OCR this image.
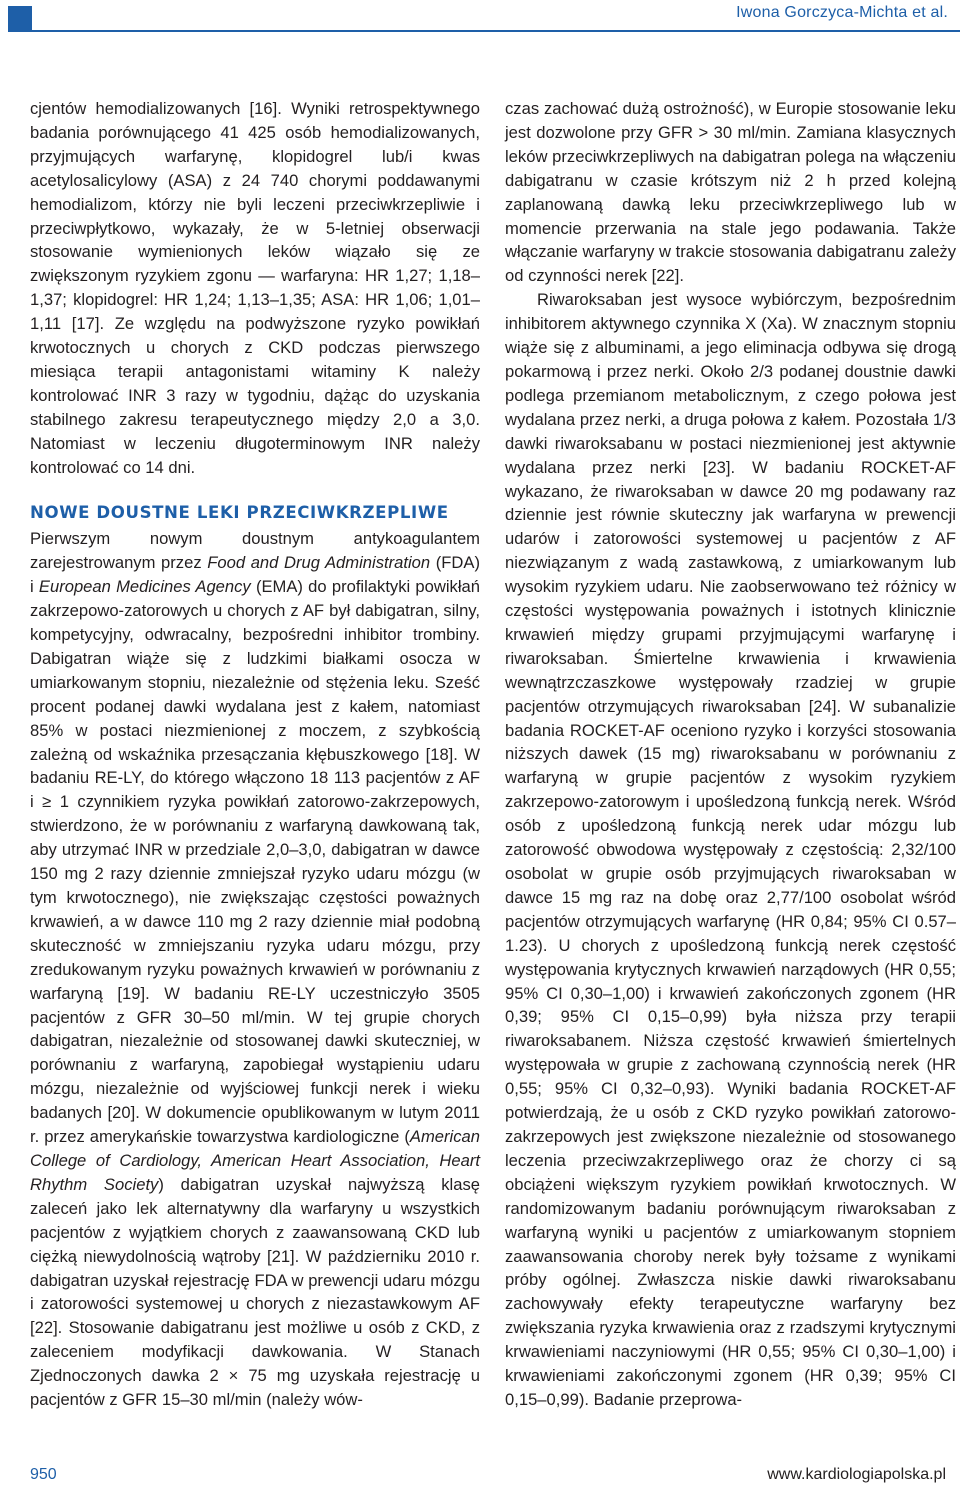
Iwona Gorczyca-Michta et al.

cjentów hemodializowanych [16]. Wyniki retrospektywnego badania porównującego 41 425 osób hemodializowanych, przyjmujących warfarynę, klopidogrel lub/i kwas acetylosalicylowy (ASA) z 24 740 chorymi poddawanymi hemodializom, którzy nie byli leczeni przeciwkrzepliwie i przeciwpłytkowo, wykazały, że w 5-letniej obserwacji stosowanie wymienionych leków wiązało się ze zwiększonym ryzykiem zgonu — warfaryna: HR 1,27; 1,18–1,37; klopidogrel: HR 1,24; 1,13–1,35; ASA: HR 1,06; 1,01–1,11 [17]. Ze względu na podwyższone ryzyko powikłań krwotocznych u chorych z CKD podczas pierwszego miesiąca terapii antagonistami witaminy K należy kontrolować INR 3 razy w tygodniu, dążąc do uzyskania stabilnego zakresu terapeutycznego między 2,0 a 3,0. Natomiast w leczeniu długoterminowym INR należy kontrolować co 14 dni.

NOWE DOUSTNE LEKI PRZECIWKRZEPLIWE

Pierwszym nowym doustnym antykoagulantem zarejestrowanym przez Food and Drug Administration (FDA) i European Medicines Agency (EMA) do profilaktyki powikłań zakrzepowo-zatorowych u chorych z AF był dabigatran, silny, kompetycyjny, odwracalny, bezpośredni inhibitor trombiny. Dabigatran wiąże się z ludzkimi białkami osocza w umiarkowanym stopniu, niezależnie od stężenia leku. Sześć procent podanej dawki wydalana jest z kałem, natomiast 85% w postaci niezmienionej z moczem, z szybkością zależną od wskaźnika przesączania kłębuszkowego [18]. W badaniu RE-LY, do którego włączono 18 113 pacjentów z AF i ≥ 1 czynnikiem ryzyka powikłań zatorowo-zakrzepowych, stwierdzono, że w porównaniu z warfaryną dawkowaną tak, aby utrzymać INR w przedziale 2,0–3,0, dabigatran w dawce 150 mg 2 razy dziennie zmniejszał ryzyko udaru mózgu (w tym krwotocznego), nie zwiększając częstości poważnych krwawień, a w dawce 110 mg 2 razy dziennie miał podobną skuteczność w zmniejszaniu ryzyka udaru mózgu, przy zredukowanym ryzyku poważnych krwawień w porównaniu z warfaryną [19]. W badaniu RE-LY uczestniczyło 3505 pacjentów z GFR 30–50 ml/min. W tej grupie chorych dabigatran, niezależnie od stosowanej dawki skuteczniej, w porównaniu z warfaryną, zapobiegał wystąpieniu udaru mózgu, niezależnie od wyjściowej funkcji nerek i wieku badanych [20]. W dokumencie opublikowanym w lutym 2011 r. przez amerykańskie towarzystwa kardiologiczne (American College of Cardiology, American Heart Association, Heart Rhythm Society) dabigatran uzyskał najwyższą klasę zaleceń jako lek alternatywny dla warfaryny u wszystkich pacjentów z wyjątkiem chorych z zaawansowaną CKD lub ciężką niewydolnością wątroby [21]. W październiku 2010 r. dabigatran uzyskał rejestrację FDA w prewencji udaru mózgu i zatorowości systemowej u chorych z niezastawkowym AF [22]. Stosowanie dabigatranu jest możliwe u osób z CKD, z zaleceniem modyfikacji dawkowania. W Stanach Zjednoczonych dawka 2 × 75 mg uzyskała rejestrację u pacjentów z GFR 15–30 ml/min (należy wów-

czas zachować dużą ostrożność), w Europie stosowanie leku jest dozwolone przy GFR > 30 ml/min. Zamiana klasycznych leków przeciwkrzepliwych na dabigatran polega na włączeniu dabigatranu w czasie krótszym niż 2 h przed kolejną zaplanowaną dawką leku przeciwkrzepliwego lub w momencie przerwania na stale jego podawania. Także włączanie warfaryny w trakcie stosowania dabigatranu zależy od czynności nerek [22].

Riwaroksaban jest wysoce wybiórczym, bezpośrednim inhibitorem aktywnego czynnika X (Xa). W znacznym stopniu wiąże się z albuminami, a jego eliminacja odbywa się drogą pokarmową i przez nerki. Około 2/3 podanej doustnie dawki podlega przemianom metabolicznym, z czego połowa jest wydalana przez nerki, a druga połowa z kałem. Pozostała 1/3 dawki riwaroksabanu w postaci niezmienionej jest aktywnie wydalana przez nerki [23]. W badaniu ROCKET-AF wykazano, że riwaroksaban w dawce 20 mg podawany raz dziennie jest równie skuteczny jak warfaryna w prewencji udarów i zatorowości systemowej u pacjentów z AF niezwiązanym z wadą zastawkową, z umiarkowanym lub wysokim ryzykiem udaru. Nie zaobserwowano też różnicy w częstości występowania poważnych i istotnych klinicznie krwawień między grupami przyjmującymi warfarynę i riwaroksaban. Śmiertelne krwawienia i krwawienia wewnątrzczaszkowe występowały rzadziej w grupie pacjentów otrzymujących riwaroksaban [24]. W subanalizie badania ROCKET-AF oceniono ryzyko i korzyści stosowania niższych dawek (15 mg) riwaroksabanu w porównaniu z warfaryną w grupie pacjentów z wysokim ryzykiem zakrzepowo-zatorowym i upośledzoną funkcją nerek. Wśród osób z upośledzoną funkcją nerek udar mózgu lub zatorowość obwodowa występowały z częstością: 2,32/100 osobolat w grupie osób przyjmujących riwaroksaban w dawce 15 mg raz na dobę oraz 2,77/100 osobolat wśród pacjentów otrzymujących warfarynę (HR 0,84; 95% CI 0.57–1.23). U chorych z upośledzoną funkcją nerek częstość występowania krytycznych krwawień narządowych (HR 0,55; 95% CI 0,30–1,00) i krwawień zakończonych zgonem (HR 0,39; 95% CI 0,15–0,99) była niższa przy terapii riwaroksabanem. Niższa częstość krwawień śmiertelnych występowała w grupie z zachowaną czynnością nerek (HR 0,55; 95% CI 0,32–0,93). Wyniki badania ROCKET-AF potwierdzają, że u osób z CKD ryzyko powikłań zatorowo-zakrzepowych jest zwiększone niezależnie od stosowanego leczenia przeciwzakrzepliwego oraz że chorzy ci są obciążeni większym ryzykiem powikłań krwotocznych. W randomizowanym badaniu porównującym riwaroksaban z warfaryną wyniki u pacjentów z umiarkowanym stopniem zaawansowania choroby nerek były tożsame z wynikami próby ogólnej. Zwłaszcza niskie dawki riwaroksabanu zachowywały efekty terapeutyczne warfaryny bez zwiększania ryzyka krwawienia oraz z rzadszymi krytycznymi krwawieniami naczyniowymi (HR 0,55; 95% CI 0,30–1,00) i krwawieniami zakończonymi zgonem (HR 0,39; 95% CI 0,15–0,99). Badanie przeprowa-

950	www.kardiologiapolska.pl
